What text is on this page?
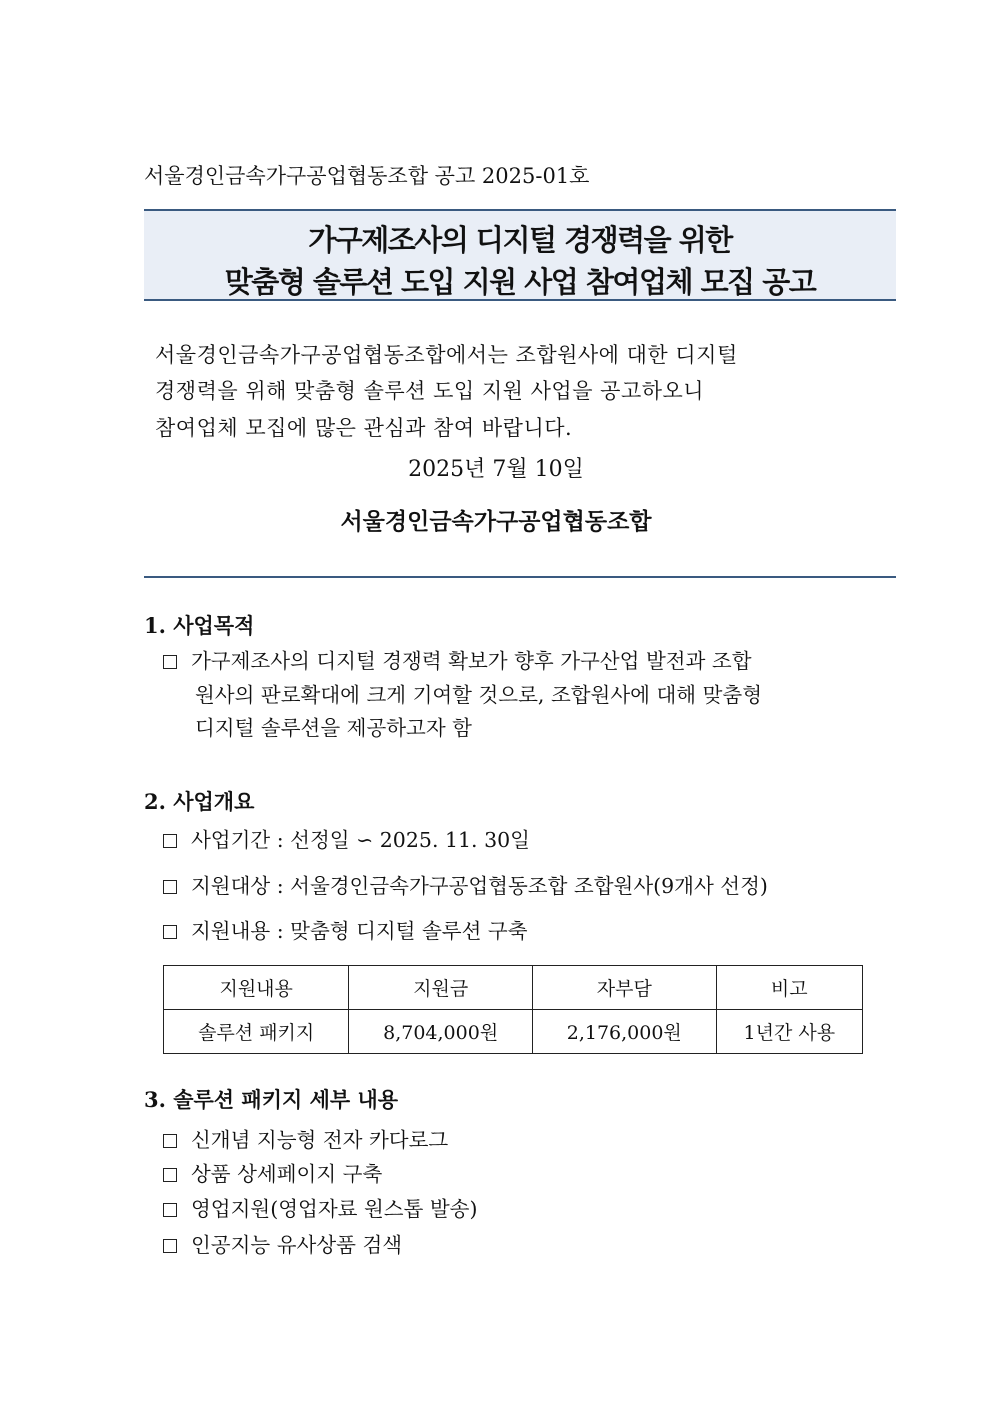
서울경인금속가구공업협동조합 공고 2025-01호
가구제조사의 디지털 경쟁력을 위한
맞춤형 솔루션 도입 지원 사업 참여업체 모집 공고
서울경인금속가구공업협동조합에서는 조합원사에 대한 디지털
경쟁력을 위해 맞춤형 솔루션 도입 지원 사업을 공고하오니
참여업체 모집에 많은 관심과 참여 바랍니다.
2025년 7월 10일
서울경인금속가구공업협동조합
1. 사업목적
가구제조사의 디지털 경쟁력 확보가 향후 가구산업 발전과 조합
원사의 판로확대에 크게 기여할 것으로, 조합원사에 대해 맞춤형
디지털 솔루션을 제공하고자 함
2. 사업개요
사업기간 : 선정일 ∽ 2025. 11. 30일
지원대상 : 서울경인금속가구공업협동조합 조합원사(9개사 선정)
지원내용 : 맞춤형 디지털 솔루션 구축
지원내용	지원금	자부담	비고
솔루션 패키지	8,704,000원	2,176,000원	1년간 사용
3. 솔루션 패키지 세부 내용
신개념 지능형 전자 카다로그
상품 상세페이지 구축
영업지원(영업자료 원스톱 발송)
인공지능 유사상품 검색
